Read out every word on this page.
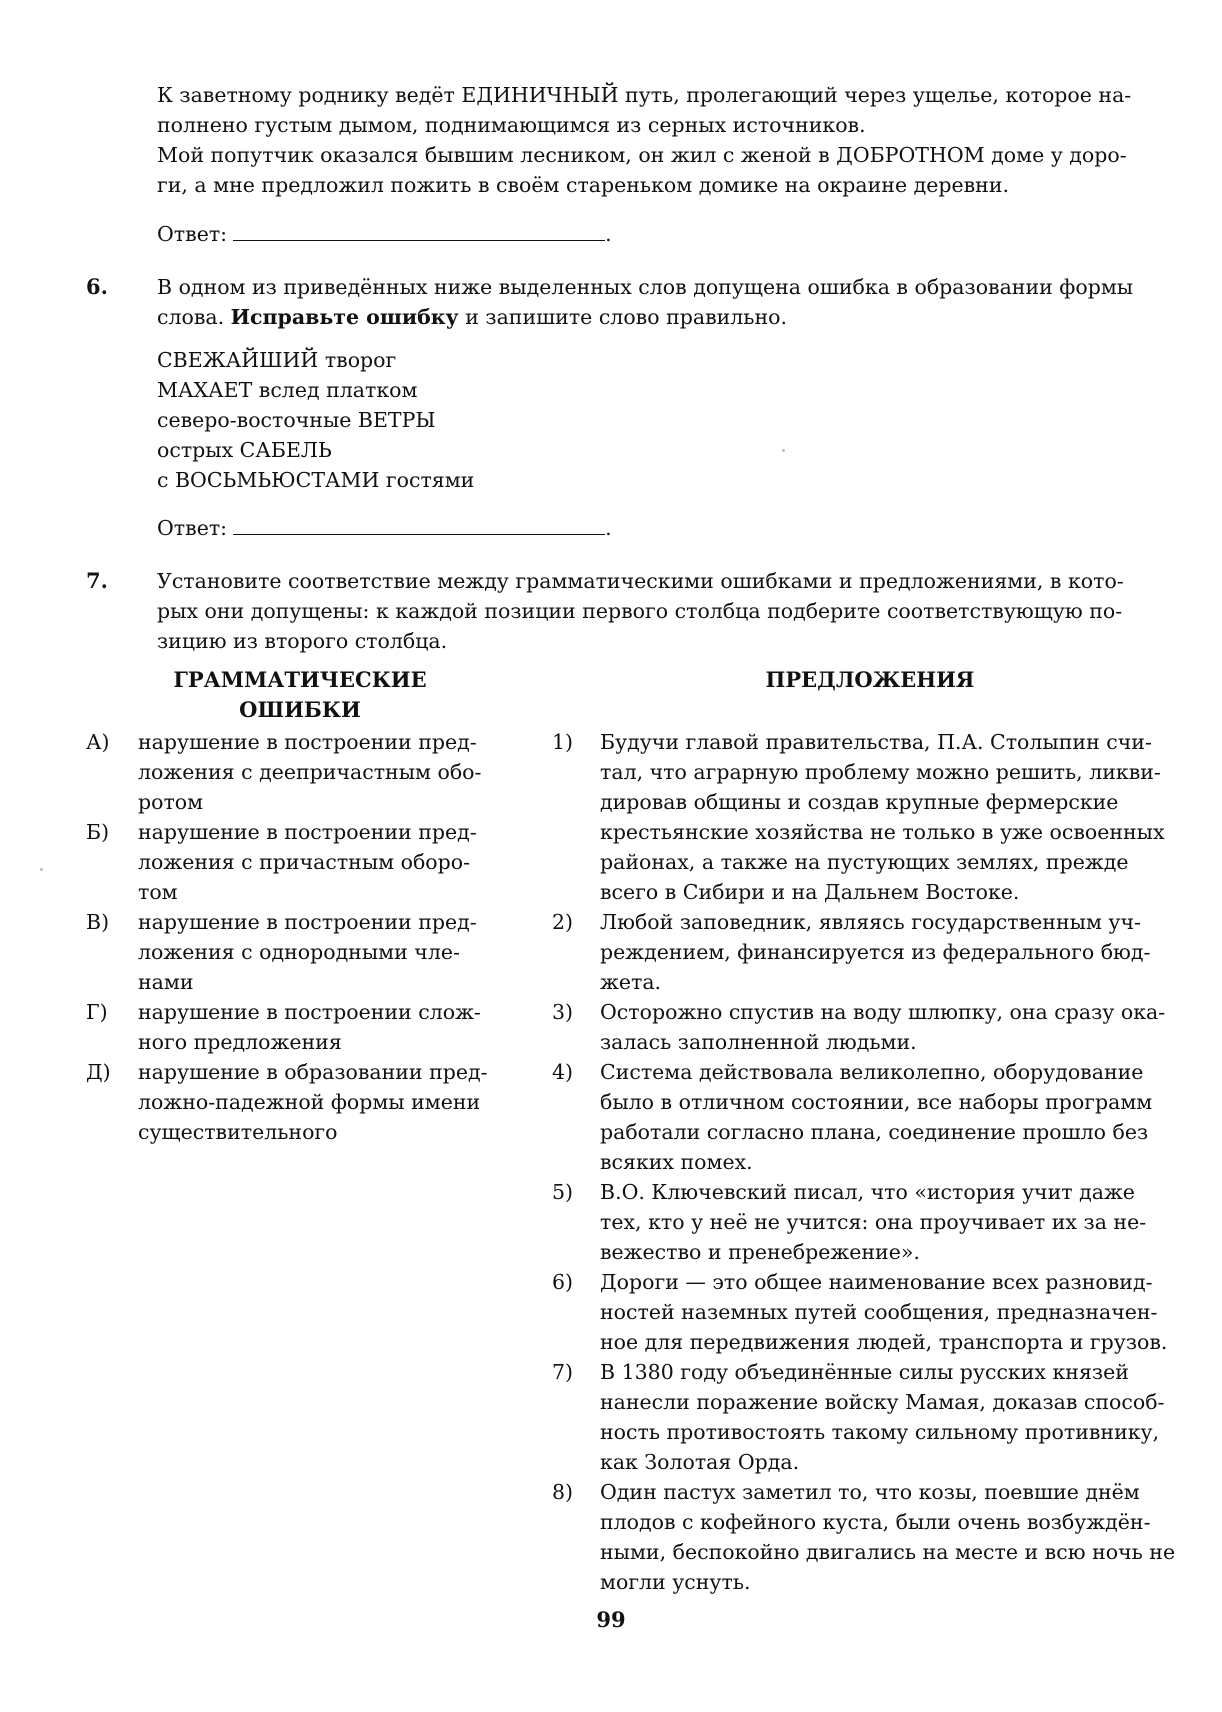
К заветному роднику ведёт ЕДИНИЧНЫЙ путь, пролегающий через ущелье, которое на-
полнено густым дымом, поднимающимся из серных источников.
Мой попутчик оказался бывшим лесником, он жил с женой в ДОБРОТНОМ доме у доро-
ги, а мне предложил пожить в своём стареньком домике на окраине деревни.
Ответ:	.
6. В одном из приведённых ниже выделенных слов допущена ошибка в образовании формы
слова. Исправьте ошибку и запишите слово правильно.
СВЕЖАЙШИЙ творог
МАХАЕТ вслед платком
северо-восточные ВЕТРЫ
острых САБЕЛЬ
с ВОСЬМЬЮСТАМИ гостями
Ответ:	.
7. Установите соответствие между грамматическими ошибками и предложениями, в кото-
рых они допущены: к каждой позиции первого столбца подберите соответствующую по-
зицию из второго столбца.
ГРАММАТИЧЕСКИЕ
ОШИБКИ
ПРЕДЛОЖЕНИЯ
А) нарушение в построении пред-
ложения с деепричастным обо-
ротом
Б) нарушение в построении пред-
ложения с причастным оборо-
том
В) нарушение в построении пред-
ложения с однородными чле-
нами
Г) нарушение в построении слож-
ного предложения
Д) нарушение в образовании пред-
ложно-падежной формы имени
существительного
1) Будучи главой правительства, П.А. Столыпин счи-
тал, что аграрную проблему можно решить, ликви-
дировав общины и создав крупные фермерские
крестьянские хозяйства не только в уже освоенных
районах, а также на пустующих землях, прежде
всего в Сибири и на Дальнем Востоке.
2) Любой заповедник, являясь государственным уч-
реждением, финансируется из федерального бюд-
жета.
3) Осторожно спустив на воду шлюпку, она сразу ока-
залась заполненной людьми.
4) Система действовала великолепно, оборудование
было в отличном состоянии, все наборы программ
работали согласно плана, соединение прошло без
всяких помех.
5) В.О. Ключевский писал, что «история учит даже
тех, кто у неё не учится: она проучивает их за не-
вежество и пренебрежение».
6) Дороги — это общее наименование всех разновид-
ностей наземных путей сообщения, предназначен-
ное для передвижения людей, транспорта и грузов.
7) В 1380 году объединённые силы русских князей
нанесли поражение войску Мамая, доказав способ-
ность противостоять такому сильному противнику,
как Золотая Орда.
8) Один пастух заметил то, что козы, поевшие днём
плодов с кофейного куста, были очень возбуждён-
ными, беспокойно двигались на месте и всю ночь не
могли уснуть.
99
